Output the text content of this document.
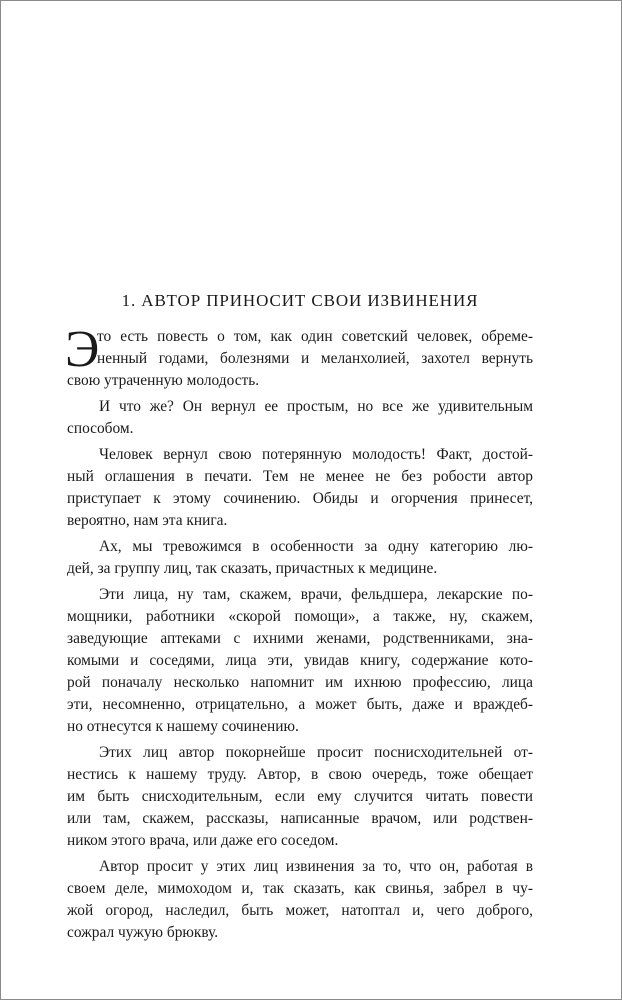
1. АВТОР ПРИНОСИТ СВОИ ИЗВИНЕНИЯ

Э
то есть повесть о том, как один советский человек, обреме-
ненный годами, болезнями и меланхолией, захотел вернуть
свою утраченную молодость.

И что же? Он вернул ее простым, но все же удивительным
способом.

Человек вернул свою потерянную молодость! Факт, достой-
ный оглашения в печати. Тем не менее не без робости автор
приступает к этому сочинению. Обиды и огорчения принесет,
вероятно, нам эта книга.

Ах, мы тревожимся в особенности за одну категорию лю-
дей, за группу лиц, так сказать, причастных к медицине.

Эти лица, ну там, скажем, врачи, фельдшера, лекарские по-
мощники, работники «скорой помощи», а также, ну, скажем,
заведующие аптеками с ихними женами, родственниками, зна-
комыми и соседями, лица эти, увидав книгу, содержание кото-
рой поначалу несколько напомнит им ихнюю профессию, лица
эти, несомненно, отрицательно, а может быть, даже и враждеб-
но отнесутся к нашему сочинению.

Этих лиц автор покорнейше просит поснисходительней от-
нестись к нашему труду. Автор, в свою очередь, тоже обещает
им быть снисходительным, если ему случится читать повести
или там, скажем, рассказы, написанные врачом, или родствен-
ником этого врача, или даже его соседом.

Автор просит у этих лиц извинения за то, что он, работая в
своем деле, мимоходом и, так сказать, как свинья, забрел в чу-
жой огород, наследил, быть может, натоптал и, чего доброго,
сожрал чужую брюкву.
